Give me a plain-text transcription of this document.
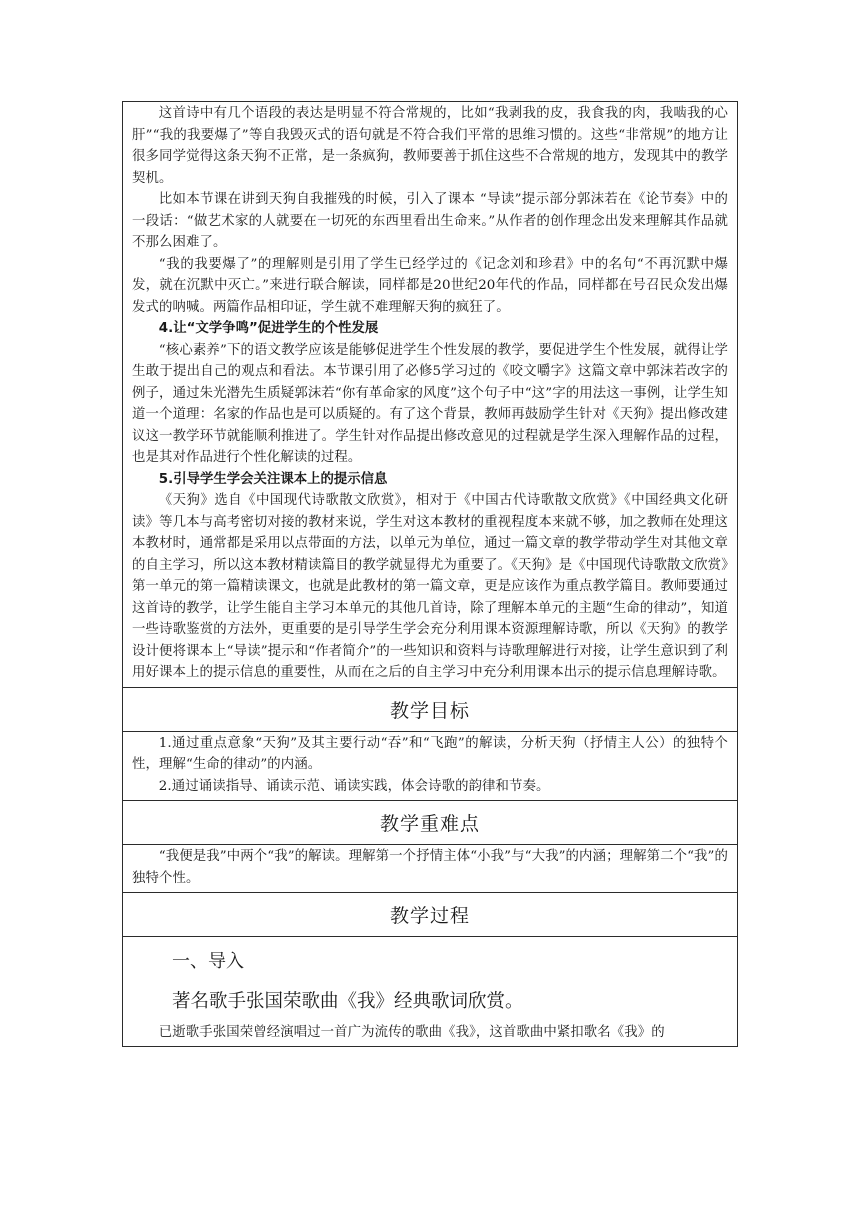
这首诗中有几个语段的表达是明显不符合常规的，比如“我剥我的皮，我食我的肉，我啮我的心肝”“我的我要爆了”等自我毁灭式的语句就是不符合我们平常的思维习惯的。这些“非常规”的地方让很多同学觉得这条天狗不正常，是一条疯狗，教师要善于抓住这些不合常规的地方，发现其中的教学契机。

比如本节课在讲到天狗自我摧残的时候，引入了课本 “导读”提示部分郭沫若在《论节奏》中的一段话：“做艺术家的人就要在一切死的东西里看出生命来。”从作者的创作理念出发来理解其作品就不那么困难了。

“我的我要爆了”的理解则是引用了学生已经学过的《记念刘和珍君》中的名句“不再沉默中爆发，就在沉默中灭亡。”来进行联合解读，同样都是20世纪20年代的作品，同样都在号召民众发出爆发式的呐喊。两篇作品相印证，学生就不难理解天狗的疯狂了。

4.让“文学争鸣”促进学生的个性发展

“核心素养”下的语文教学应该是能够促进学生个性发展的教学，要促进学生个性发展，就得让学生敢于提出自己的观点和看法。本节课引用了必修5学习过的《咬文嚼字》这篇文章中郭沫若改字的例子，通过朱光潜先生质疑郭沫若“你有革命家的风度”这个句子中“这”字的用法这一事例，让学生知道一个道理：名家的作品也是可以质疑的。有了这个背景，教师再鼓励学生针对《天狗》提出修改建议这一教学环节就能顺利推进了。学生针对作品提出修改意见的过程就是学生深入理解作品的过程，也是其对作品进行个性化解读的过程。

5.引导学生学会关注课本上的提示信息

《天狗》选自《中国现代诗歌散文欣赏》，相对于《中国古代诗歌散文欣赏》《中国经典文化研读》等几本与高考密切对接的教材来说，学生对这本教材的重视程度本来就不够，加之教师在处理这本教材时，通常都是采用以点带面的方法，以单元为单位，通过一篇文章的教学带动学生对其他文章的自主学习，所以这本教材精读篇目的教学就显得尤为重要了。《天狗》是《中国现代诗歌散文欣赏》第一单元的第一篇精读课文，也就是此教材的第一篇文章，更是应该作为重点教学篇目。教师要通过这首诗的教学，让学生能自主学习本单元的其他几首诗，除了理解本单元的主题“生命的律动”，知道一些诗歌鉴赏的方法外，更重要的是引导学生学会充分利用课本资源理解诗歌，所以《天狗》的教学设计便将课本上“导读”提示和“作者简介”的一些知识和资料与诗歌理解进行对接，让学生意识到了利用好课本上的提示信息的重要性，从而在之后的自主学习中充分利用课本出示的提示信息理解诗歌。

教学目标

1.通过重点意象“天狗”及其主要行动“吞”和“飞跑”的解读，分析天狗（抒情主人公）的独特个性，理解“生命的律动”的内涵。

2.通过诵读指导、诵读示范、诵读实践，体会诗歌的韵律和节奏。

教学重难点

“我便是我”中两个“我”的解读。理解第一个抒情主体“小我”与“大我”的内涵；理解第二个“我”的独特个性。

教学过程

一、导入

著名歌手张国荣歌曲《我》经典歌词欣赏。

已逝歌手张国荣曾经演唱过一首广为流传的歌曲《我》，这首歌曲中紧扣歌名《我》的
